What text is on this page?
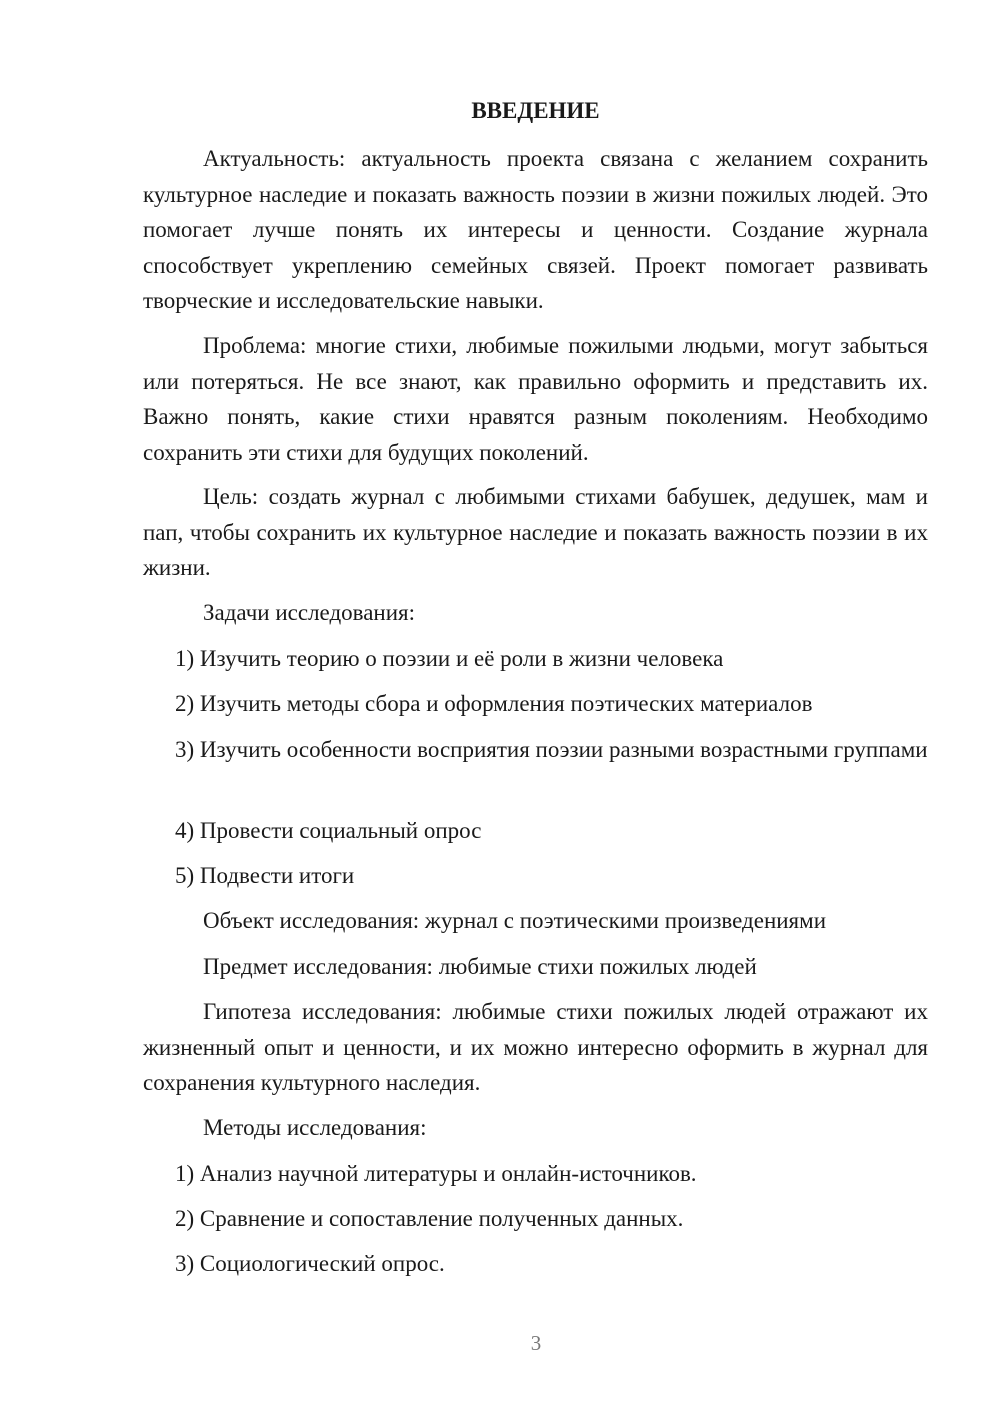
ВВЕДЕНИЕ

Актуальность: актуальность проекта связана с желанием сохранить культурное наследие и показать важность поэзии в жизни пожилых людей. Это помогает лучше понять их интересы и ценности. Создание журнала способствует укреплению семейных связей. Проект помогает развивать творческие и исследовательские навыки.

Проблема: многие стихи, любимые пожилыми людьми, могут забыться или потеряться. Не все знают, как правильно оформить и представить их. Важно понять, какие стихи нравятся разным поколениям. Необходимо сохранить эти стихи для будущих поколений.

Цель: создать журнал с любимыми стихами бабушек, дедушек, мам и пап, чтобы сохранить их культурное наследие и показать важность поэзии в их жизни.

Задачи исследования:

1) Изучить теорию о поэзии и её роли в жизни человека

2) Изучить методы сбора и оформления поэтических материалов

3) Изучить особенности восприятия поэзии разными возрастными группами

4) Провести социальный опрос

5) Подвести итоги

Объект исследования: журнал с поэтическими произведениями

Предмет исследования: любимые стихи пожилых людей

Гипотеза исследования: любимые стихи пожилых людей отражают их жизненный опыт и ценности, и их можно интересно оформить в журнал для сохранения культурного наследия.

Методы исследования:

1) Анализ научной литературы и онлайн-источников.

2) Сравнение и сопоставление полученных данных.

3) Социологический опрос.

3
